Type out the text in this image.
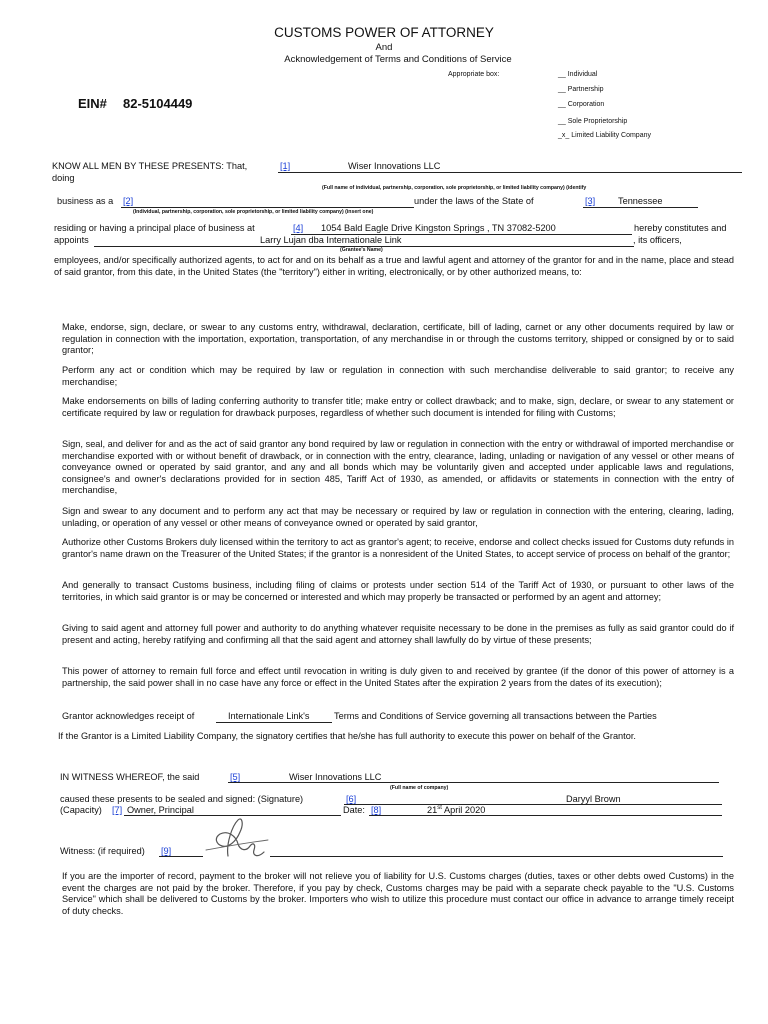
CUSTOMS POWER OF ATTORNEY
And
Acknowledgement of Terms and Conditions of Service
Appropriate box:	__ Individual
__ Partnership
__ Corporation
__ Sole Proprietorship
_x_ Limited Liability Company
EIN# 82-5104449
KNOW ALL MEN BY THESE PRESENTS: That,	[1]	Wiser Innovations LLC
doing
(Full name of individual, partnership, corporation, sole proprietorship, or limited liability company) (identify
business as a [2]	under the laws of the State of	[3] Tennessee
(Individual, partnership, corporation, sole proprietorship, or limited liability company) (insert one)
residing or having a principal place of business at	[4] 1054 Bald Eagle Drive Kingston Springs , TN 37082-5200	hereby constitutes and
appoints	Larry Lujan dba Internationale Link	, its officers,
(Grantee's Name)
employees, and/or specifically authorized agents, to act for and on its behalf as a true and lawful agent and attorney of the grantor for and in the name, place and stead of said grantor, from this date, in the United States (the "territory") either in writing, electronically, or by other authorized means, to:
Make, endorse, sign, declare, or swear to any customs entry, withdrawal, declaration, certificate, bill of lading, carnet or any other documents required by law or regulation in connection with the importation, exportation, transportation, of any merchandise in or through the customs territory, shipped or consigned by or to said grantor;
Perform any act or condition which may be required by law or regulation in connection with such merchandise deliverable to said grantor; to receive any merchandise;
Make endorsements on bills of lading conferring authority to transfer title; make entry or collect drawback; and to make, sign, declare, or swear to any statement or certificate required by law or regulation for drawback purposes, regardless of whether such document is intended for filing with Customs;
Sign, seal, and deliver for and as the act of said grantor any bond required by law or regulation in connection with the entry or withdrawal of imported merchandise or merchandise exported with or without benefit of drawback, or in connection with the entry, clearance, lading, unlading or navigation of any vessel or other means of conveyance owned or operated by said grantor, and any and all bonds which may be voluntarily given and accepted under applicable laws and regulations, consignee's and owner's declarations provided for in section 485, Tariff Act of 1930, as amended, or affidavits or statements in connection with the entry of merchandise,
Sign and swear to any document and to perform any act that may be necessary or required by law or regulation in connection with the entering, clearing, lading, unlading, or operation of any vessel or other means of conveyance owned or operated by said grantor,
Authorize other Customs Brokers duly licensed within the territory to act as grantor's agent; to receive, endorse and collect checks issued for Customs duty refunds in grantor's name drawn on the Treasurer of the United States; if the grantor is a nonresident of the United States, to accept service of process on behalf of the grantor;
And generally to transact Customs business, including filing of claims or protests under section 514 of the Tariff Act of 1930, or pursuant to other laws of the territories, in which said grantor is or may be concerned or interested and which may properly be transacted or performed by an agent and attorney;
Giving to said agent and attorney full power and authority to do anything whatever requisite necessary to be done in the premises as fully as said grantor could do if present and acting, hereby ratifying and confirming all that the said agent and attorney shall lawfully do by virtue of these presents;
This power of attorney to remain full force and effect until revocation in writing is duly given to and received by grantee (if the donor of this power of attorney is a partnership, the said power shall in no case have any force or effect in the United States after the expiration 2 years from the dates of its execution);
Grantor acknowledges receipt of	Internationale Link's	Terms and Conditions of Service governing all transactions between the Parties
If the Grantor is a Limited Liability Company, the signatory certifies that he/she has full authority to execute this power on behalf of the Grantor.
IN WITNESS WHEREOF, the said	[5]	Wiser Innovations LLC
(Full name of company)
caused these presents to be sealed and signed: (Signature)	[6]	Daryyl Brown
(Capacity) [7] Owner, Principal	Date: [8]	21st April 2020
Witness: (if required) [9]
If you are the importer of record, payment to the broker will not relieve you of liability for U.S. Customs charges (duties, taxes or other debts owed Customs) in the event the charges are not paid by the broker. Therefore, if you pay by check, Customs charges may be paid with a separate check payable to the "U.S. Customs Service" which shall be delivered to Customs by the broker. Importers who wish to utilize this procedure must contact our office in advance to arrange timely receipt of duty checks.
